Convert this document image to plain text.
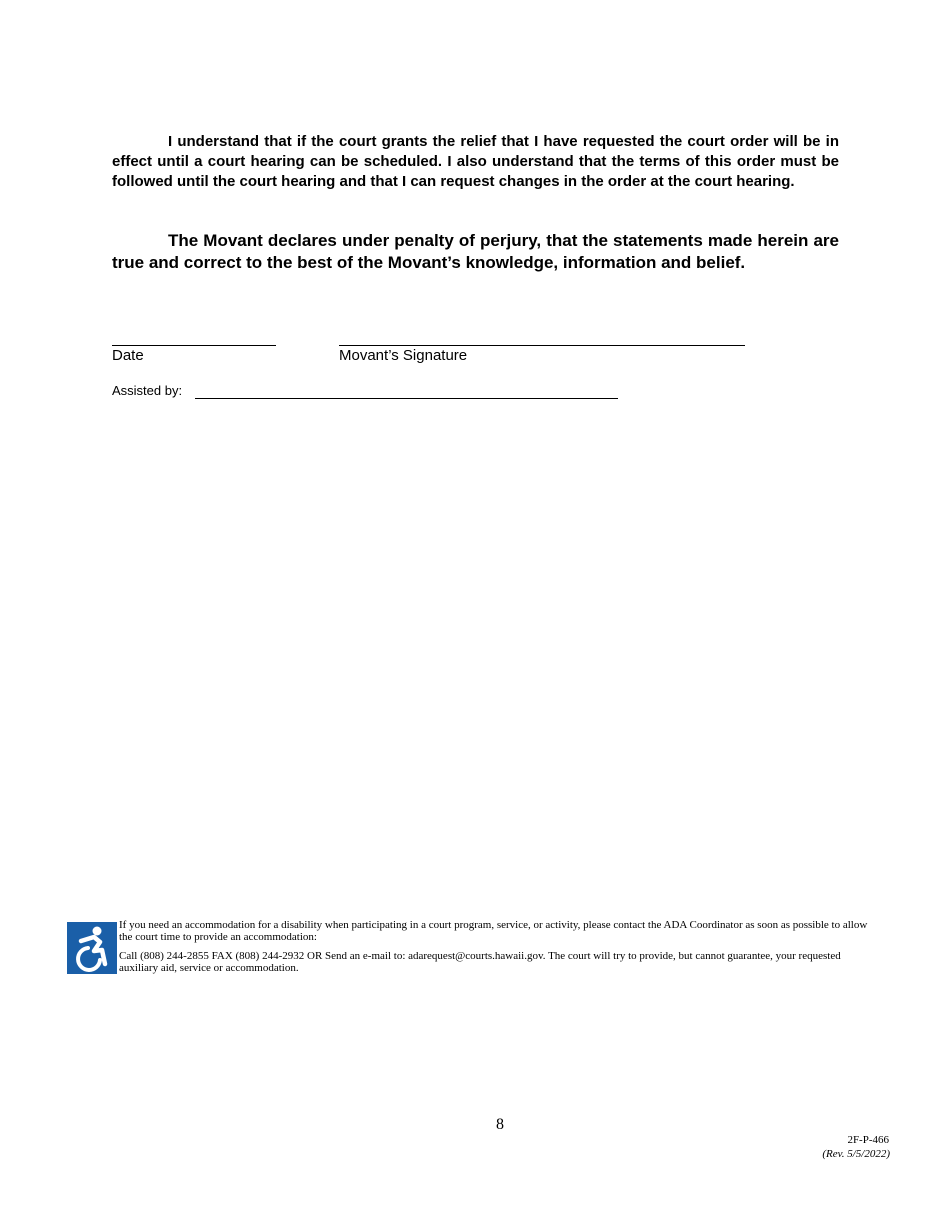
I understand that if the court grants the relief that I have requested the court order will be in effect until a court hearing can be scheduled. I also understand that the terms of this order must be followed until the court hearing and that I can request changes in the order at the court hearing.

The Movant declares under penalty of perjury, that the statements made herein are true and correct to the best of the Movant’s knowledge, information and belief.

Date	Movant’s Signature
Assisted by:

If you need an accommodation for a disability when participating in a court program, service, or activity, please contact the ADA Coordinator as soon as possible to allow the court time to provide an accommodation:

Call (808) 244-2855 FAX (808) 244-2932 OR Send an e-mail to: adarequest@courts.hawaii.gov. The court will try to provide, but cannot guarantee, your requested auxiliary aid, service or accommodation.

8
2F-P-466
(Rev. 5/5/2022)
